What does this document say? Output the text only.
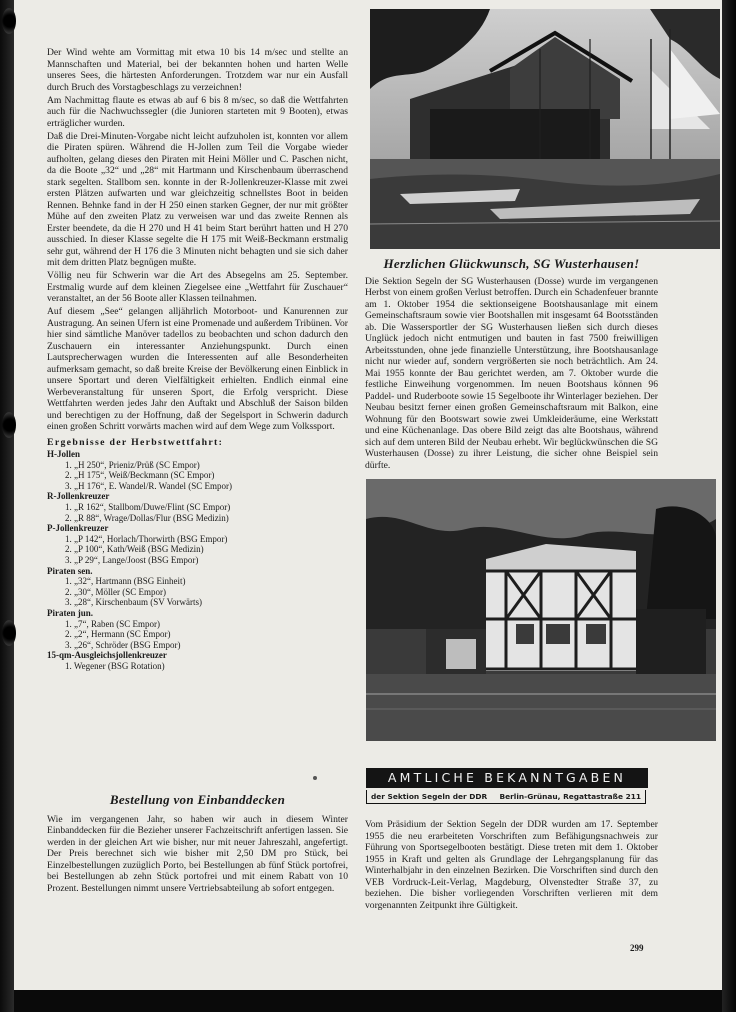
Der Wind wehte am Vormittag mit etwa 10 bis 14 m/sec und stellte an Mannschaften und Material, bei der bekannten hohen und harten Welle unseres Sees, die härtesten Anforderungen. Trotzdem war nur ein Ausfall durch Bruch des Vorstagbeschlags zu verzeichnen!

Am Nachmittag flaute es etwas ab auf 6 bis 8 m/sec, so daß die Wettfahrten auch für die Nachwuchssegler (die Junioren starteten mit 9 Booten), etwas erträglicher wurden.

Daß die Drei-Minuten-Vorgabe nicht leicht aufzuholen ist, konnten vor allem die Piraten spüren. Während die H-Jollen zum Teil die Vorgabe wieder aufholten, gelang dieses den Piraten mit Heini Möller und C. Paschen nicht, da die Boote „32“ und „28“ mit Hartmann und Kirschenbaum überraschend stark segelten. Stallbom sen. konnte in der R-Jollenkreuzer-Klasse mit zwei ersten Plätzen aufwarten und war gleichzeitig schnellstes Boot in beiden Rennen. Behnke fand in der H 250 einen starken Gegner, der nur mit größter Mühe auf den zweiten Platz zu verweisen war und das zweite Rennen als Erster beendete, da die H 270 und H 41 beim Start berührt hatten und H 270 ausschied. In dieser Klasse segelte die H 175 mit Weiß-Beckmann erstmalig sehr gut, während der H 176 die 3 Minuten nicht behagten und sie sich daher mit dem dritten Platz begnügen mußte.

Völlig neu für Schwerin war die Art des Absegelns am 25. September. Erstmalig wurde auf dem kleinen Ziegelsee eine „Wettfahrt für Zuschauer“ veranstaltet, an der 56 Boote aller Klassen teilnahmen.

Auf diesem „See“ gelangen alljährlich Motorboot- und Kanurennen zur Austragung. An seinen Ufern ist eine Promenade und außerdem Tribünen. Vor hier sind sämtliche Manöver tadellos zu beobachten und schon dadurch den Zuschauern ein interessanter Anziehungspunkt. Durch einen Lautsprecherwagen wurden die Interessenten auf alle Besonderheiten aufmerksam gemacht, so daß breite Kreise der Bevölkerung einen Einblick in unsere Sportart und deren Vielfältigkeit erhielten. Endlich einmal eine Werbeveranstaltung für unseren Sport, die Erfolg verspricht. Diese Wettfahrten werden jedes Jahr den Auftakt und Abschluß der Saison bilden und berechtigen zu der Hoffnung, daß der Segelsport in Schwerin dadurch einen großen Schritt vorwärts machen wird auf dem Wege zum Volkssport.

Ergebnisse der Herbstwettfahrt:
H-Jollen
1. „H 250“, Prieniz/Prüß (SC Empor)
2. „H 175“, Weiß/Beckmann (SC Empor)
3. „H 176“, E. Wandel/R. Wandel (SC Empor)
R-Jollenkreuzer
1. „R 162“, Stallbom/Duwe/Flint (SC Empor)
2. „R 88“, Wrage/Dollas/Flur (BSG Medizin)
P-Jollenkreuzer
1. „P 142“, Horlach/Thorwirth (BSG Empor)
2. „P 100“, Kath/Weiß (BSG Medizin)
3. „P 29“, Lange/Joost (BSG Empor)
Piraten sen.
1. „32“, Hartmann (BSG Einheit)
2. „30“, Möller (SC Empor)
3. „28“, Kirschenbaum (SV Vorwärts)
Piraten jun.
1. „7“, Raben (SC Empor)
2. „2“, Hermann (SC Empor)
3. „26“, Schröder (BSG Empor)
15-qm-Ausgleichsjollenkreuzer
1. Wegener (BSG Rotation)
Bestellung von Einbanddecken

Wie im vergangenen Jahr, so haben wir auch in diesem Winter Einbanddecken für die Bezieher unserer Fachzeitschrift anfertigen lassen. Sie werden in der gleichen Art wie bisher, nur mit neuer Jahreszahl, angefertigt. Der Preis berechnet sich wie bisher mit 2,50 DM pro Stück, bei Einzelbestellungen zuzüglich Porto, bei Bestellungen ab fünf Stück portofrei, bei Bestellungen ab zehn Stück portofrei und mit einem Rabatt von 10 Prozent. Bestellungen nimmt unsere Vertriebsabteilung ab sofort entgegen.

Herzlichen Glückwunsch, SG Wusterhausen!

Die Sektion Segeln der SG Wusterhausen (Dosse) wurde im vergangenen Herbst von einem großen Verlust betroffen. Durch ein Schadenfeuer brannte am 1. Oktober 1954 die sektionseigene Bootshausanlage mit einem Gemeinschaftsraum sowie vier Bootshallen mit insgesamt 64 Bootsständen ab. Die Wassersportler der SG Wusterhausen ließen sich durch dieses Unglück jedoch nicht entmutigen und bauten in fast 7500 freiwilligen Arbeitsstunden, ohne jede finanzielle Unterstützung, ihre Bootshausanlage nicht nur wieder auf, sondern vergrößerten sie noch beträchtlich. Am 24. Mai 1955 konnte der Bau gerichtet werden, am 7. Oktober wurde die festliche Einweihung vorgenommen. Im neuen Bootshaus können 96 Paddel- und Ruderboote sowie 15 Segelboote ihr Winterlager beziehen. Der Neubau besitzt ferner einen großen Gemeinschaftsraum mit Balkon, eine Wohnung für den Bootswart sowie zwei Umkleideräume, eine Werkstatt und eine Küchenanlage. Das obere Bild zeigt das alte Bootshaus, während sich auf dem unteren Bild der Neubau erhebt. Wir beglückwünschen die SG Wusterhausen (Dosse) zu ihrer Leistung, die sicher ohne Beispiel sein dürfte.

AMTLICHE BEKANNTGABEN
der Sektion Segeln der DDR Berlin-Grünau, Regattastraße 211

Vom Präsidium der Sektion Segeln der DDR wurden am 17. September 1955 die neu erarbeiteten Vorschriften zum Befähigungsnachweis zur Führung von Sportsegelbooten bestätigt. Diese treten mit dem 1. Oktober 1955 in Kraft und gelten als Grundlage der Lehrgangsplanung für das Winterhalbjahr in den einzelnen Bezirken. Die Vorschriften sind durch den VEB Vordruck-Leit-Verlag, Magdeburg, Olvenstedter Straße 37, zu beziehen. Die bisher vorliegenden Vorschriften verlieren mit dem vorgenannten Zeitpunkt ihre Gültigkeit.

299
